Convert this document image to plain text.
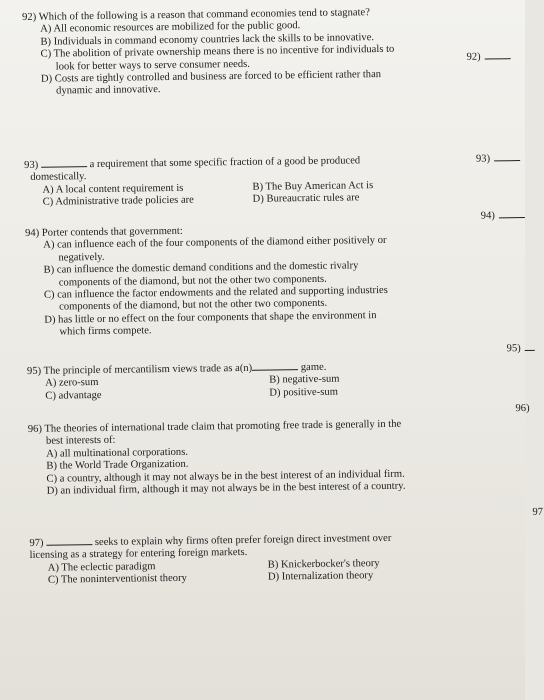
92) Which of the following is a reason that command economies tend to stagnate?
A) All economic resources are mobilized for the public good.
B) Individuals in command economy countries lack the skills to be innovative.
C) The abolition of private ownership means there is no incentive for individuals to
look for better ways to serve consumer needs.
D) Costs are tightly controlled and business are forced to be efficient rather than
dynamic and innovative.
92)
93)	a requirement that some specific fraction of a good be produced
domestically.
A) A local content requirement is	B) The Buy American Act is
C) Administrative trade policies are	D) Bureaucratic rules are
93)
94) Porter contends that government:
A) can influence each of the four components of the diamond either positively or
negatively.
B) can influence the domestic demand conditions and the domestic rivalry
components of the diamond, but not the other two components.
C) can influence the factor endowments and the related and supporting industries
components of the diamond, but not the other two components.
D) has little or no effect on the four components that shape the environment in
which firms compete.
94)
95) The principle of mercantilism views trade as a(n)	game.
A) zero-sum	B) negative-sum
C) advantage	D) positive-sum
95)
96) The theories of international trade claim that promoting free trade is generally in the
best interests of:
A) all multinational corporations.
B) the World Trade Organization.
C) a country, although it may not always be in the best interest of an individual firm.
D) an individual firm, although it may not always be in the best interest of a country.
96)
97)	seeks to explain why firms often prefer foreign direct investment over
licensing as a strategy for entering foreign markets.
A) The eclectic paradigm	B) Knickerbocker's theory
C) The noninterventionist theory	D) Internalization theory
97
